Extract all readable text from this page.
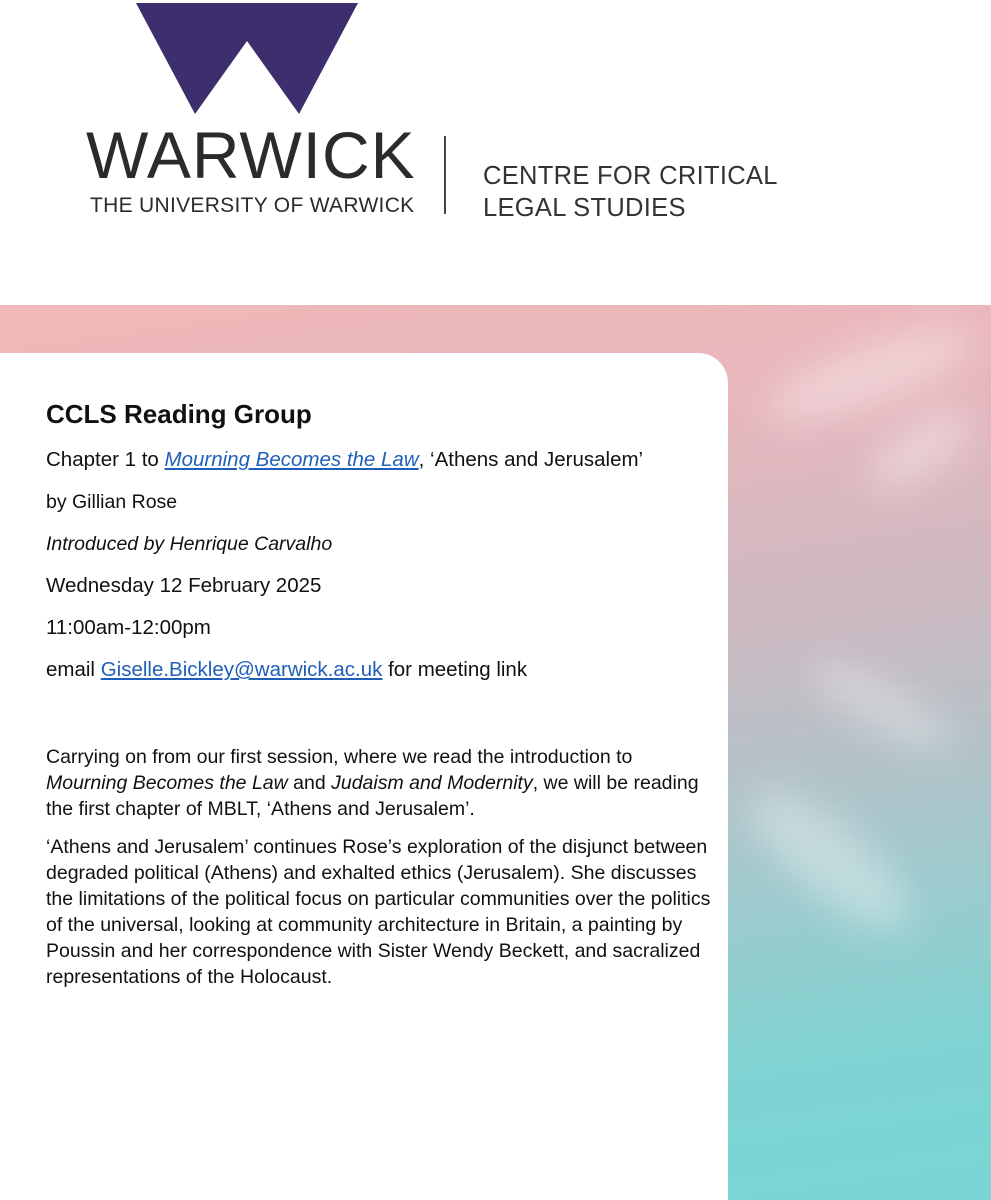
WARWICK
THE UNIVERSITY OF WARWICK
CENTRE FOR CRITICAL
LEGAL STUDIES
CCLS Reading Group
Chapter 1 to Mourning Becomes the Law, ‘Athens and Jerusalem’
by Gillian Rose
Introduced by Henrique Carvalho
Wednesday 12 February 2025
11:00am-12:00pm
email Giselle.Bickley@warwick.ac.uk for meeting link
Carrying on from our first session, where we read the introduction to Mourning Becomes the Law and Judaism and Modernity, we will be reading the first chapter of MBLT, ‘Athens and Jerusalem’.
‘Athens and Jerusalem’ continues Rose’s exploration of the disjunct between degraded political (Athens) and exhalted ethics (Jerusalem). She discusses the limitations of the political focus on particular communities over the politics of the universal, looking at community architecture in Britain, a painting by Poussin and her correspondence with Sister Wendy Beckett, and sacralized representations of the Holocaust.
